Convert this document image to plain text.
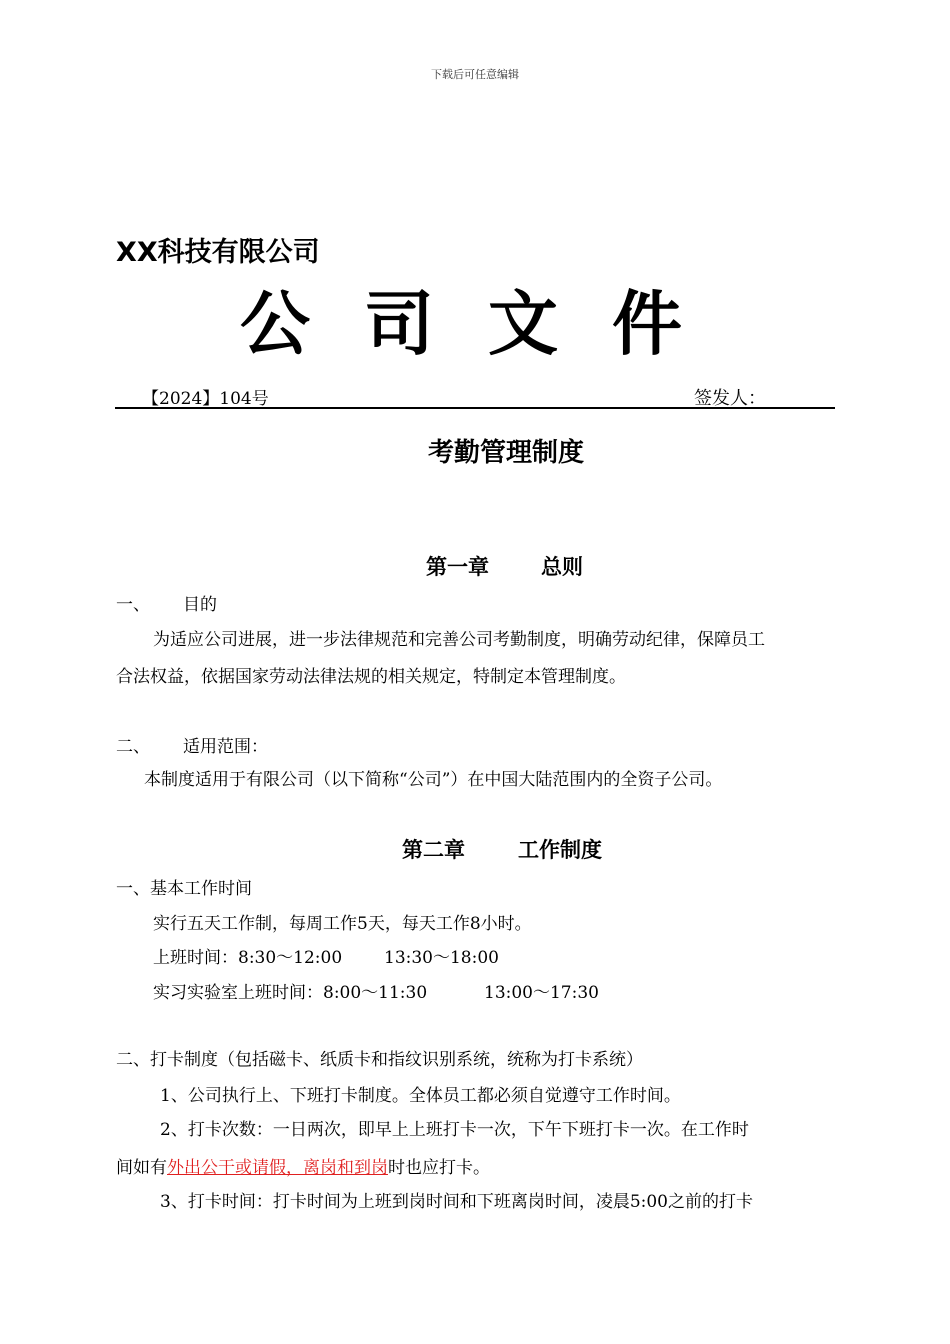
下载后可任意编辑
XX科技有限公司
公司文件
【2024】104号	签发人：
考勤管理制度
第一章 总则
一、 目的
为适应公司进展，进一步法律规范和完善公司考勤制度，明确劳动纪律，保障员工
合法权益，依据国家劳动法律法规的相关规定，特制定本管理制度。
二、 适用范围：
本制度适用于有限公司（以下简称“公司”）在中国大陆范围内的全资子公司。
第二章	工作制度
一、基本工作时间
实行五天工作制，每周工作5天，每天工作8小时。
上班时间：8:30～12:00 13:30～18:00
实习实验室上班时间：8:00～11:30	13:00～17:30
二、打卡制度（包括磁卡、纸质卡和指纹识别系统，统称为打卡系统）
1、公司执行上、下班打卡制度。全体员工都必须自觉遵守工作时间。
2、打卡次数：一日两次，即早上上班打卡一次，下午下班打卡一次。在工作时
间如有外出公干或请假，离岗和到岗时也应打卡。
3、打卡时间：打卡时间为上班到岗时间和下班离岗时间，凌晨5:00之前的打卡
